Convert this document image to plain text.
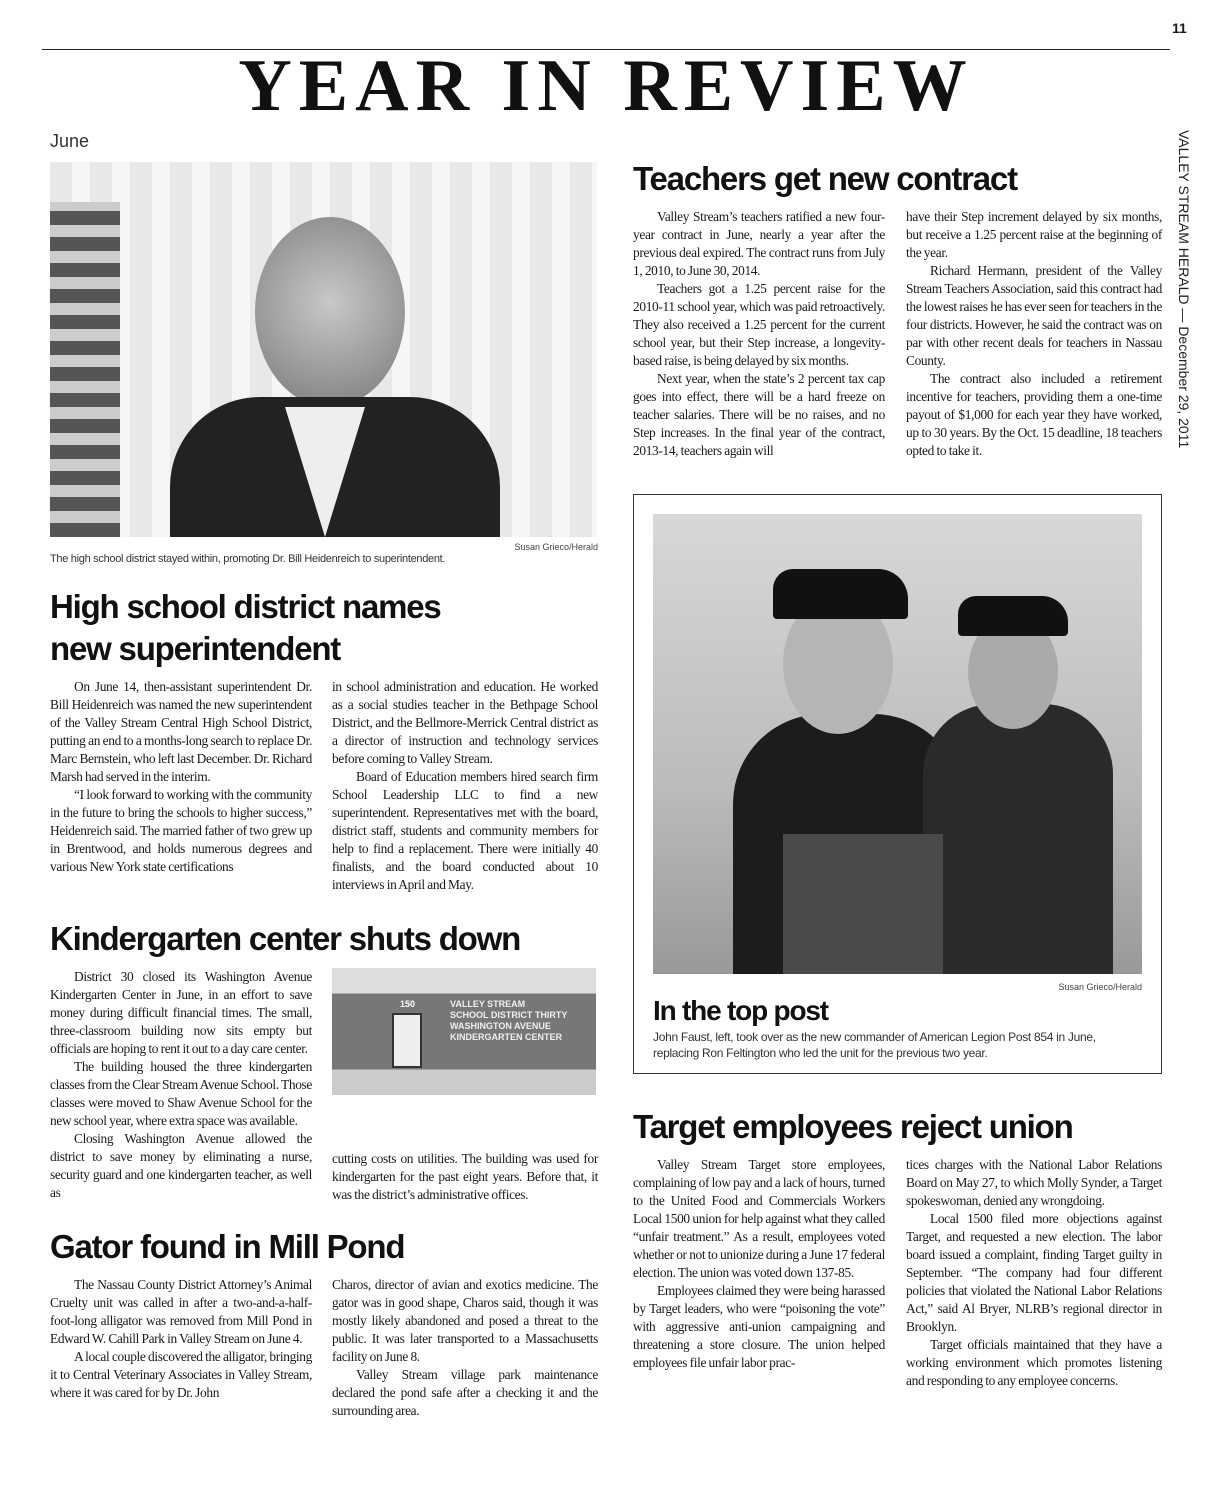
11
YEAR IN REVIEW
VALLEY STREAM HERALD — December 29, 2011
June
Susan Grieco/Herald
The high school district stayed within, promoting Dr. Bill Heidenreich to superintendent.
High school district names new superintendent

On June 14, then-assistant superintendent Dr. Bill Heidenreich was named the new superintendent of the Valley Stream Central High School District, putting an end to a months-long search to replace Dr. Marc Bernstein, who left last December. Dr. Richard Marsh had served in the interim.

“I look forward to working with the community in the future to bring the schools to higher success,” Heidenreich said. The married father of two grew up in Brentwood, and holds numerous degrees and various New York state certifications

in school administration and education. He worked as a social studies teacher in the Bethpage School District, and the Bellmore-Merrick Central district as a director of instruction and technology services before coming to Valley Stream.

Board of Education members hired search firm School Leadership LLC to find a new superintendent. Representatives met with the board, district staff, students and community members for help to find a replacement. There were initially 40 finalists, and the board conducted about 10 interviews in April and May.

Kindergarten center shuts down

District 30 closed its Washington Avenue Kindergarten Center in June, in an effort to save money during difficult financial times. The small, three-classroom building now sits empty but officials are hoping to rent it out to a day care center.

The building housed the three kindergarten classes from the Clear Stream Avenue School. Those classes were moved to Shaw Avenue School for the new school year, where extra space was available.

Closing Washington Avenue allowed the district to save money by eliminating a nurse, security guard and one kindergarten teacher, as well as

150	VALLEY STREAM
SCHOOL DISTRICT THIRTY
WASHINGTON AVENUE
KINDERGARTEN CENTER

cutting costs on utilities. The building was used for kindergarten for the past eight years. Before that, it was the district’s administrative offices.

Gator found in Mill Pond

The Nassau County District Attorney’s Animal Cruelty unit was called in after a two-and-a-half-foot-long alligator was removed from Mill Pond in Edward W. Cahill Park in Valley Stream on June 4.

A local couple discovered the alligator, bringing it to Central Veterinary Associates in Valley Stream, where it was cared for by Dr. John

Charos, director of avian and exotics medicine. The gator was in good shape, Charos said, though it was mostly likely abandoned and posed a threat to the public. It was later transported to a Massachusetts facility on June 8.

Valley Stream village park maintenance declared the pond safe after a checking it and the surrounding area.

Teachers get new contract

Valley Stream’s teachers ratified a new four-year contract in June, nearly a year after the previous deal expired. The contract runs from July 1, 2010, to June 30, 2014.

Teachers got a 1.25 percent raise for the 2010-11 school year, which was paid retroactively. They also received a 1.25 percent for the current school year, but their Step increase, a longevity-based raise, is being delayed by six months.

Next year, when the state’s 2 percent tax cap goes into effect, there will be a hard freeze on teacher salaries. There will be no raises, and no Step increases. In the final year of the contract, 2013-14, teachers again will

have their Step increment delayed by six months, but receive a 1.25 percent raise at the beginning of the year.

Richard Hermann, president of the Valley Stream Teachers Association, said this contract had the lowest raises he has ever seen for teachers in the four districts. However, he said the contract was on par with other recent deals for teachers in Nassau County.

The contract also included a retirement incentive for teachers, providing them a one-time payout of $1,000 for each year they have worked, up to 30 years. By the Oct. 15 deadline, 18 teachers opted to take it.

Susan Grieco/Herald
In the top post
John Faust, left, took over as the new commander of American Legion Post 854 in June, replacing Ron Feltington who led the unit for the previous two year.
Target employees reject union

Valley Stream Target store employees, complaining of low pay and a lack of hours, turned to the United Food and Commercials Workers Local 1500 union for help against what they called “unfair treatment.” As a result, employees voted whether or not to unionize during a June 17 federal election. The union was voted down 137-85.

Employees claimed they were being harassed by Target leaders, who were “poisoning the vote” with aggressive anti-union campaigning and threatening a store closure. The union helped employees file unfair labor prac-

tices charges with the National Labor Relations Board on May 27, to which Molly Synder, a Target spokeswoman, denied any wrongdoing.

Local 1500 filed more objections against Target, and requested a new election. The labor board issued a complaint, finding Target guilty in September. “The company had four different policies that violated the National Labor Relations Act,” said Al Bryer, NLRB’s regional director in Brooklyn.

Target officials maintained that they have a working environment which promotes listening and responding to any employee concerns.
